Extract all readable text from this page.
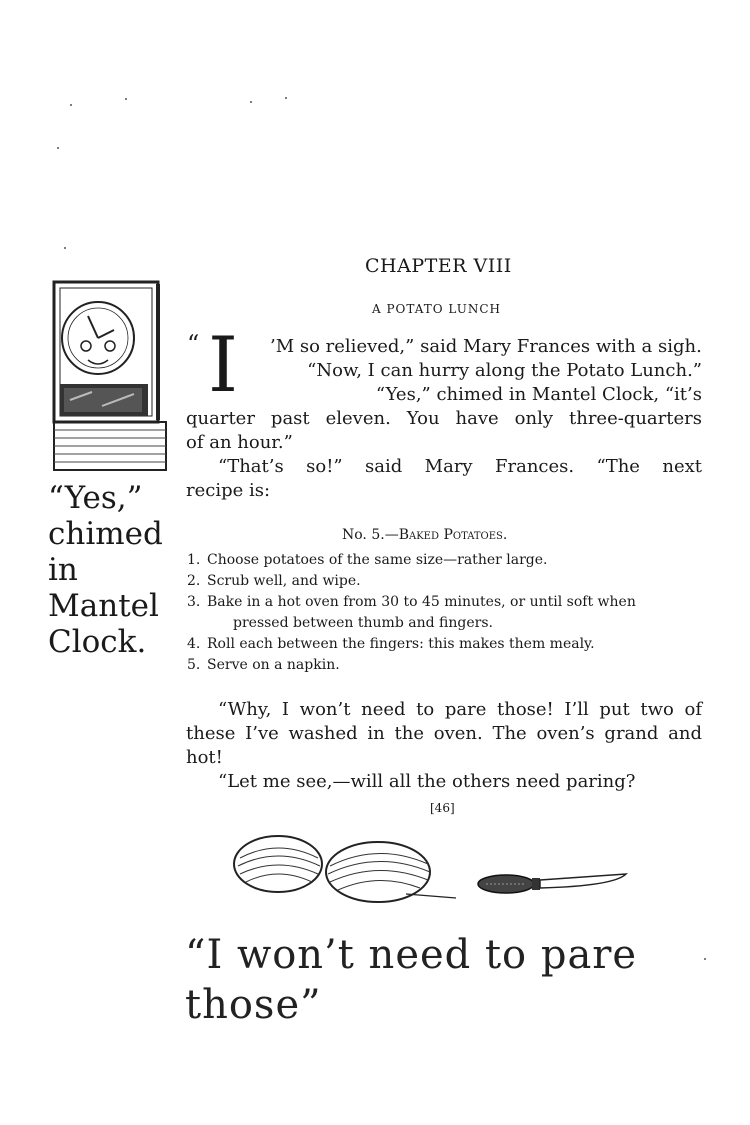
CHAPTER VIII
A POTATO LUNCH
“Yes,”
chimed in
Mantel
Clock.
“ I ’M so relieved,” said Mary Frances with a sigh.
“Now, I can hurry along the Potato Lunch.”
“Yes,” chimed in Mantel Clock, “it’s
quarter past eleven. You have only three-quarters
of an hour.”
“That’s so!” said Mary Frances. “The next
recipe is:
No. 5.—Baked Potatoes.
1. Choose potatoes of the same size—rather large.
2. Scrub well, and wipe.
3. Bake in a hot oven from 30 to 45 minutes, or until soft when
pressed between thumb and fingers.
4. Roll each between the fingers: this makes them mealy.
5. Serve on a napkin.
“Why, I won’t need to pare those! I’ll put two of
these I’ve washed in the oven. The oven’s grand and
hot!
“Let me see,—will all the others need paring?
[46]
“I won’t need to pare those”
